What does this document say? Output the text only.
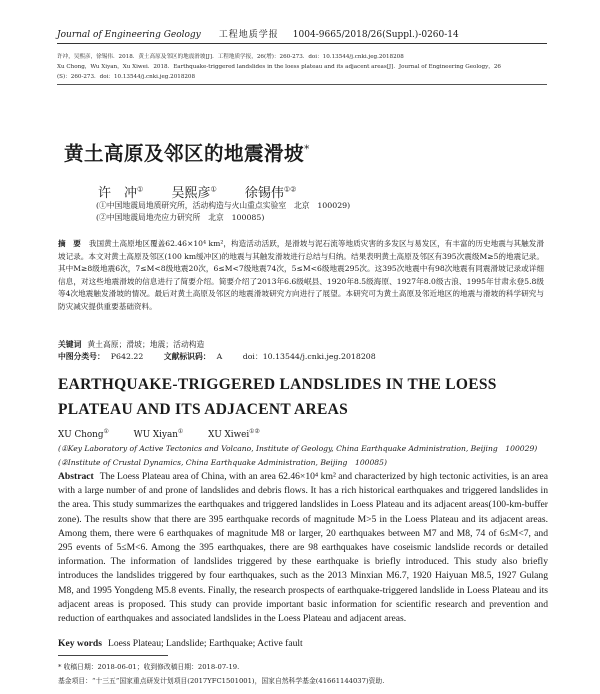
Journal of Engineering Geology 工程地质学报 1004-9665/2018/26(Suppl.)-0260-14
许冲，吴熙彦，徐锡伟．2018．黄土高原及邻区的地震滑坡[J]．工程地质学报，26(增)：260-273．doi：10.13544/j.cnki.jeg.2018208
Xu Chong，Wu Xiyan，Xu Xiwei．2018．Earthquake-triggered landslides in the loess plateau and its adjacent areas[J]．Journal of Engineering Geology，26
(S)：260-273．doi：10.13544/j.cnki.jeg.2018208
黄土高原及邻区的地震滑坡*
许　冲① 吴熙彦① 徐锡伟①②
(①中国地震局地质研究所，活动构造与火山重点实验室　北京　100029)
(②中国地震局地壳应力研究所　北京　100085)
摘　要 我国黄土高原地区覆盖62.46×10⁴ km²，构造活动活跃，是滑坡与泥石流等地质灾害的多发区与易发区，有丰富的历史地震与其触发滑坡记录。本文对黄土高原及邻区(100 km缓冲区)的地震与其触发滑坡进行总结与归纳。结果表明黄土高原及邻区有395次震级M≥5的地震记录。其中M≥8级地震6次，7≤M<8级地震20次，6≤M<7级地震74次，5≤M<6级地震295次。这395次地震中有98次地震有同震滑坡记录或详细信息，对这些地震滑坡的信息进行了简要介绍。简要介绍了2013年6.6级岷县、1920年8.5级海原、1927年8.0级古浪、1995年甘肃永登5.8级等4次地震触发滑坡的情况。最后对黄土高原及邻区的地震滑坡研究方向进行了展望。本研究可为黄土高原及邻近地区的地震与滑坡的科学研究与防灾减灾提供重要基础资料。
关键词 黄土高原；滑坡；地震；活动构造
中图分类号： P642.22	文献标识码： A	doi：10.13544/j.cnki.jeg.2018208
EARTHQUAKE-TRIGGERED LANDSLIDES IN THE LOESS PLATEAU AND ITS ADJACENT AREAS
XU Chong①	WU Xiyan①	XU Xiwei①②
(①Key Laboratory of Active Tectonics and Volcano, Institute of Geology, China Earthquake Administration, Beijing　100029)
(②Institute of Crustal Dynamics, China Earthquake Administration, Beijing　100085)
Abstract The Loess Plateau area of China, with an area 62.46×10⁴ km² and characterized by high tectonic activities, is an area with a large number of and prone of landslides and debris flows. It has a rich historical earthquakes and triggered landslides in the area. This study summarizes the earthquakes and triggered landslides in Loess Plateau and its adjacent areas(100-km-buffer zone). The results show that there are 395 earthquake records of magnitude M>5 in the Loess Plateau and its adjacent areas. Among them, there were 6 earthquakes of magnitude M8 or larger, 20 earthquakes between M7 and M8, 74 of 6≤M<7, and 295 events of 5≤M<6. Among the 395 earthquakes, there are 98 earthquakes have coseismic landslide records or detailed information. The information of landslides triggered by these earthquake is briefly introduced. This study also briefly introduces the landslides triggered by four earthquakes, such as the 2013 Minxian M6.7, 1920 Haiyuan M8.5, 1927 Gulang M8, and 1995 Yongdeng M5.8 events. Finally, the research prospects of earthquake-triggered landslide in Loess Plateau and its adjacent areas is proposed. This study can provide important basic information for scientific research and prevention and reduction of earthquakes and associated landslides in the Loess Plateau and adjacent areas.
Key words Loess Plateau; Landslide; Earthquake; Active fault
* 收稿日期：2018-06-01；收到修改稿日期：2018-07-19.
基金项目：“十三五”国家重点研发计划项目(2017YFC1501001)，国家自然科学基金(41661144037)资助.
